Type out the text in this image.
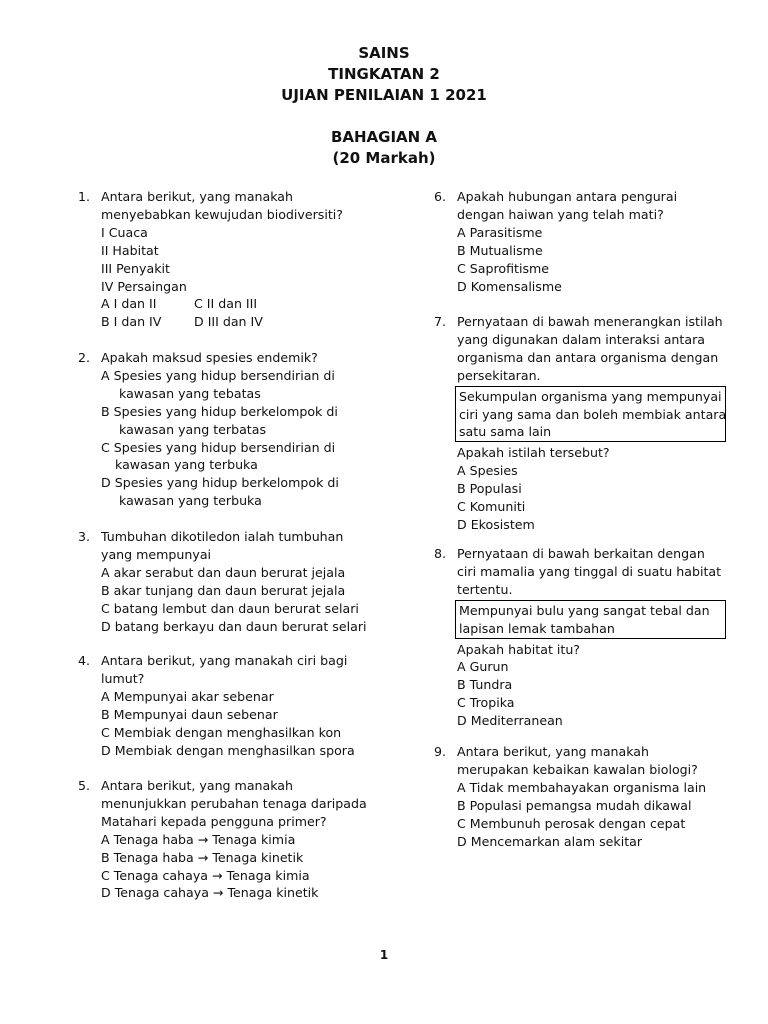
SAINS
TINGKATAN 2
UJIAN PENILAIAN 1 2021
BAHAGIAN A
(20 Markah)
1. Antara berikut, yang manakah
menyebabkan kewujudan biodiversiti?
I Cuaca
II Habitat
III Penyakit
IV Persaingan
A I dan II	C II dan III
B I dan IV	D III dan IV
2. Apakah maksud spesies endemik?
A Spesies yang hidup bersendirian di
kawasan yang tebatas
B Spesies yang hidup berkelompok di
kawasan yang terbatas
C Spesies yang hidup bersendirian di
kawasan yang terbuka
D Spesies yang hidup berkelompok di
kawasan yang terbuka
3. Tumbuhan dikotiledon ialah tumbuhan
yang mempunyai
A akar serabut dan daun berurat jejala
B akar tunjang dan daun berurat jejala
C batang lembut dan daun berurat selari
D batang berkayu dan daun berurat selari
4. Antara berikut, yang manakah ciri bagi
lumut?
A Mempunyai akar sebenar
B Mempunyai daun sebenar
C Membiak dengan menghasilkan kon
D Membiak dengan menghasilkan spora
5. Antara berikut, yang manakah
menunjukkan perubahan tenaga daripada
Matahari kepada pengguna primer?
A Tenaga haba → Tenaga kimia
B Tenaga haba → Tenaga kinetik
C Tenaga cahaya → Tenaga kimia
D Tenaga cahaya → Tenaga kinetik
6. Apakah hubungan antara pengurai
dengan haiwan yang telah mati?
A Parasitisme
B Mutualisme
C Saprofitisme
D Komensalisme
7. Pernyataan di bawah menerangkan istilah
yang digunakan dalam interaksi antara
organisma dan antara organisma dengan
persekitaran.
Sekumpulan organisma yang mempunyai
ciri yang sama dan boleh membiak antara
satu sama lain
Apakah istilah tersebut?
A Spesies
B Populasi
C Komuniti
D Ekosistem
8. Pernyataan di bawah berkaitan dengan
ciri mamalia yang tinggal di suatu habitat
tertentu.
Mempunyai bulu yang sangat tebal dan
lapisan lemak tambahan
Apakah habitat itu?
A Gurun
B Tundra
C Tropika
D Mediterranean
9. Antara berikut, yang manakah
merupakan kebaikan kawalan biologi?
A Tidak membahayakan organisma lain
B Populasi pemangsa mudah dikawal
C Membunuh perosak dengan cepat
D Mencemarkan alam sekitar
1
